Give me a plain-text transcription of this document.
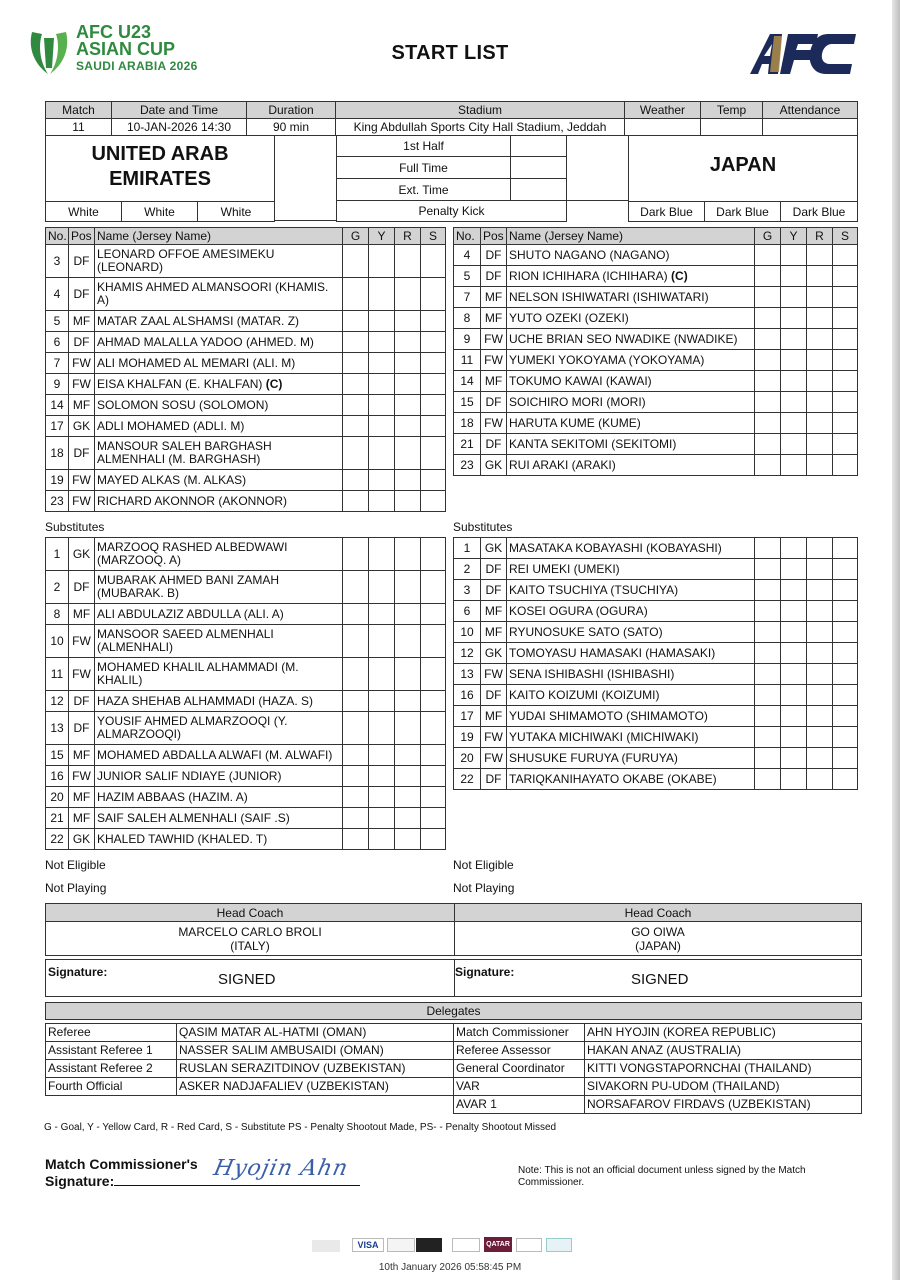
AFC U23
ASIAN CUP
SAUDI ARABIA 2026
START LIST
Match	Date and Time	Duration	Stadium	Weather	Temp	Attendance
11	10-JAN-2026 14:30	90 min	King Abdullah Sports City Hall Stadium, Jeddah
UNITED ARAB
EMIRATES
1st Half
Full Time
Ext. Time
Penalty Kick
JAPAN
White	White	White	Dark Blue	Dark Blue	Dark Blue
No.	Pos	Name (Jersey Name)	G	Y	R	S
3	DF	LEONARD OFFOE AMESIMEKU (LEONARD)				
4	DF	KHAMIS AHMED ALMANSOORI (KHAMIS. A)				
5	MF	MATAR ZAAL ALSHAMSI (MATAR. Z)				
6	DF	AHMAD MALALLA YADOO (AHMED. M)				
7	FW	ALI MOHAMED AL MEMARI (ALI. M)				
9	FW	EISA KHALFAN (E. KHALFAN) (C)				
14	MF	SOLOMON SOSU (SOLOMON)				
17	GK	ADLI MOHAMED (ADLI. M)				
18	DF	MANSOUR SALEH BARGHASH ALMENHALI (M. BARGHASH)				
19	FW	MAYED ALKAS (M. ALKAS)				
23	FW	RICHARD AKONNOR (AKONNOR)				
No.	Pos	Name (Jersey Name)	G	Y	R	S
4	DF	SHUTO NAGANO (NAGANO)				
5	DF	RION ICHIHARA (ICHIHARA) (C)				
7	MF	NELSON ISHIWATARI (ISHIWATARI)				
8	MF	YUTO OZEKI (OZEKI)				
9	FW	UCHE BRIAN SEO NWADIKE (NWADIKE)				
11	FW	YUMEKI YOKOYAMA (YOKOYAMA)				
14	MF	TOKUMO KAWAI (KAWAI)				
15	DF	SOICHIRO MORI (MORI)				
18	FW	HARUTA KUME (KUME)				
21	DF	KANTA SEKITOMI (SEKITOMI)				
23	GK	RUI ARAKI (ARAKI)				
Substitutes	Substitutes
1	GK	MARZOOQ RASHED ALBEDWAWI (MARZOOQ. A)				
2	DF	MUBARAK AHMED BANI ZAMAH (MUBARAK. B)				
8	MF	ALI ABDULAZIZ ABDULLA (ALI. A)				
10	FW	MANSOOR SAEED ALMENHALI (ALMENHALI)				
11	FW	MOHAMED KHALIL ALHAMMADI (M. KHALIL)				
12	DF	HAZA SHEHAB ALHAMMADI (HAZA. S)				
13	DF	YOUSIF AHMED ALMARZOOQI (Y. ALMARZOOQI)				
15	MF	MOHAMED ABDALLA ALWAFI (M. ALWAFI)				
16	FW	JUNIOR SALIF NDIAYE (JUNIOR)				
20	MF	HAZIM ABBAAS (HAZIM. A)				
21	MF	SAIF SALEH ALMENHALI (SAIF .S)				
22	GK	KHALED TAWHID (KHALED. T)				
1	GK	MASATAKA KOBAYASHI (KOBAYASHI)				
2	DF	REI UMEKI (UMEKI)				
3	DF	KAITO TSUCHIYA (TSUCHIYA)				
6	MF	KOSEI OGURA (OGURA)				
10	MF	RYUNOSUKE SATO (SATO)				
12	GK	TOMOYASU HAMASAKI (HAMASAKI)				
13	FW	SENA ISHIBASHI (ISHIBASHI)				
16	DF	KAITO KOIZUMI (KOIZUMI)				
17	MF	YUDAI SHIMAMOTO (SHIMAMOTO)				
19	FW	YUTAKA MICHIWAKI (MICHIWAKI)				
20	FW	SHUSUKE FURUYA (FURUYA)				
22	DF	TARIQKANIHAYATO OKABE (OKABE)				
Not Eligible	Not Eligible
Not Playing	Not Playing
Head Coach	Head Coach
MARCELO CARLO BROLI
(ITALY)
GO OIWA
(JAPAN)
Signature:	SIGNED	Signature:	SIGNED
Delegates
Referee	QASIM MATAR AL-HATMI (OMAN)
Assistant Referee 1	NASSER SALIM AMBUSAIDI (OMAN)
Assistant Referee 2	RUSLAN SERAZITDINOV (UZBEKISTAN)
Fourth Official	ASKER NADJAFALIEV (UZBEKISTAN)
Match Commissioner	AHN HYOJIN (KOREA REPUBLIC)
Referee Assessor	HAKAN ANAZ (AUSTRALIA)
General Coordinator	KITTI VONGSTAPORNCHAI (THAILAND)
VAR	SIVAKORN PU-UDOM (THAILAND)
AVAR 1	NORSAFAROV FIRDAVS (UZBEKISTAN)
G - Goal, Y - Yellow Card, R - Red Card, S - Substitute PS - Penalty Shootout Made, PS- - Penalty Shootout Missed
Match Commissioner's
Signature:	Hyojin Ahn	Note: This is not an official document unless signed by the Match Commissioner.
VISA	QATAR
10th January 2026 05:58:45 PM
